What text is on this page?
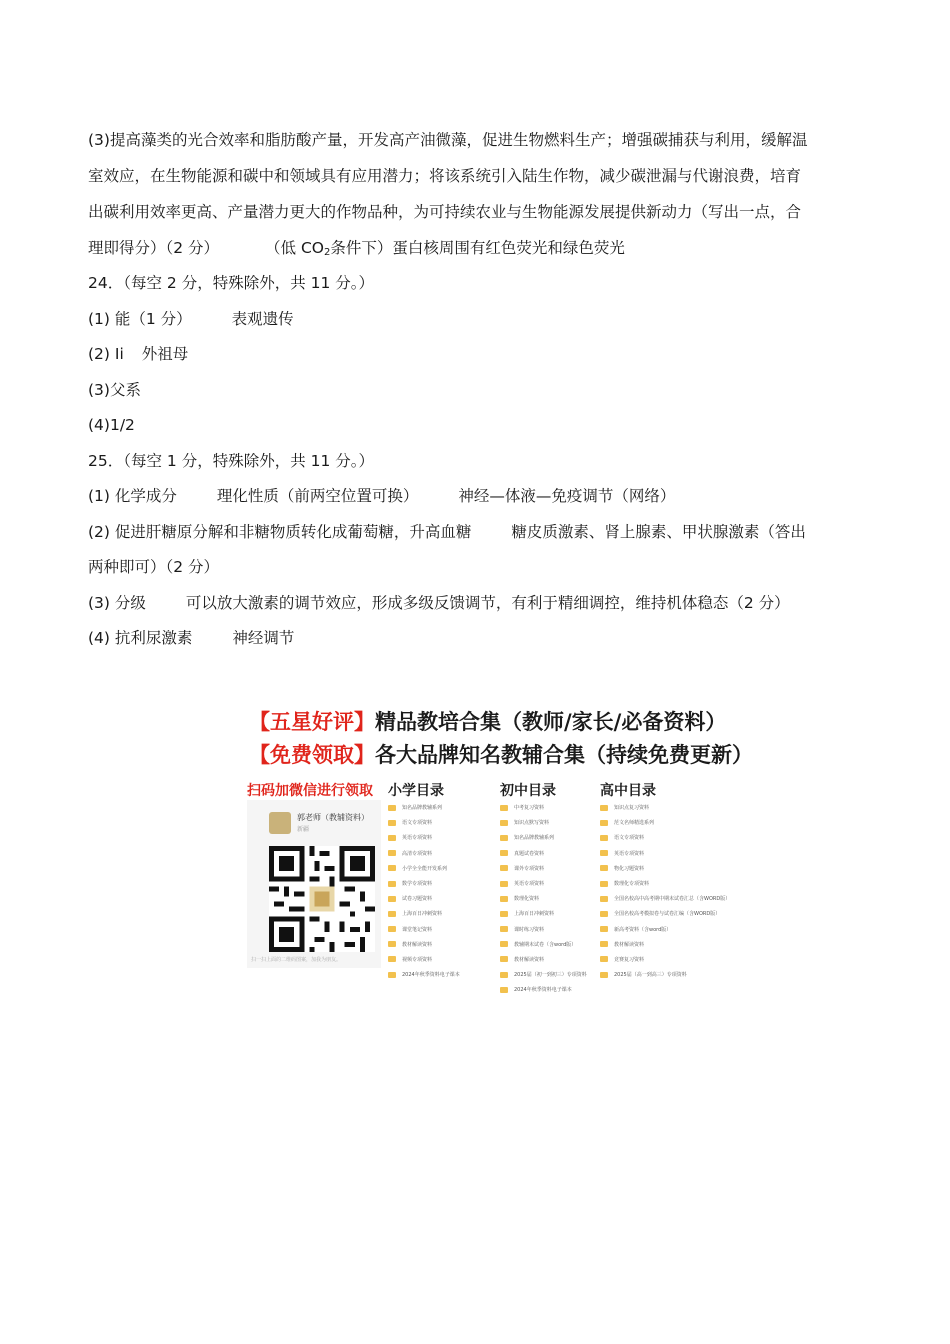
(3)提高藻类的光合效率和脂肪酸产量，开发高产油微藻，促进生物燃料生产；增强碳捕获与利用，缓解温
室效应，在生物能源和碳中和领域具有应用潜力；将该系统引入陆生作物，减少碳泄漏与代谢浪费，培育
出碳利用效率更高、产量潜力更大的作物品种，为可持续农业与生物能源发展提供新动力（写出一点，合
理即得分）（2 分）	（低 $CO_2$条件下）蛋白核周围有红色荧光和绿色荧光
24．（每空 2 分，特殊除外，共 11 分。）
(1) 能（1 分）	表观遗传
(2) Ii 外祖母
(3)父系
(4)1/2
25．（每空 1 分，特殊除外，共 11 分。）
(1) 化学成分	理化性质（前两空位置可换）	神经—体液—免疫调节（网络）
(2) 促进肝糖原分解和非糖物质转化成葡萄糖，升高血糖	糖皮质激素、肾上腺素、甲状腺激素（答出
两种即可）（2 分）
(3) 分级	可以放大激素的调节效应，形成多级反馈调节，有利于精细调控，维持机体稳态（2 分）
(4) 抗利尿激素	神经调节
【五星好评】精品教培合集（教师/家长/必备资料）
【免费领取】各大品牌知名教辅合集（持续免费更新）
扫码加微信进行领取
郭老师（教辅资料）
新疆
扫一扫上面的二维码图案，加我为朋友。
小学目录	初中目录	高中目录
知名品牌教辅系列
语文专项资料
英语专项资料
高清专项资料
小学全全能开发系列
数学专项资料
试卷习题资料
上海百日冲刺资料
课堂笔记资料
教材解读资料
视频专项资料
2024年秋季资料电子课本
中考复习资料
知识点默写资料
知名品牌教辅系列
真题试卷资料
课外专项资料
英语专项资料
数理化资料
上海百日冲刺资料
课时练习资料
教辅期末试卷（含word版）
教材解读资料
2025届（初一到初三）专项资料
2024年秋季资料电子课本
知识点复习资料
范文名师精选系列
语文专项资料
英语专项资料
物化习题资料
数理化专项资料
全国名校高中高考期中期末试卷汇总（含WORD版）
全国名校高考模拟卷与试卷汇编（含WORD版）
新高考资料（含word版）
教材解读资料
竞赛复习资料
2025届（高一到高三）专项资料
